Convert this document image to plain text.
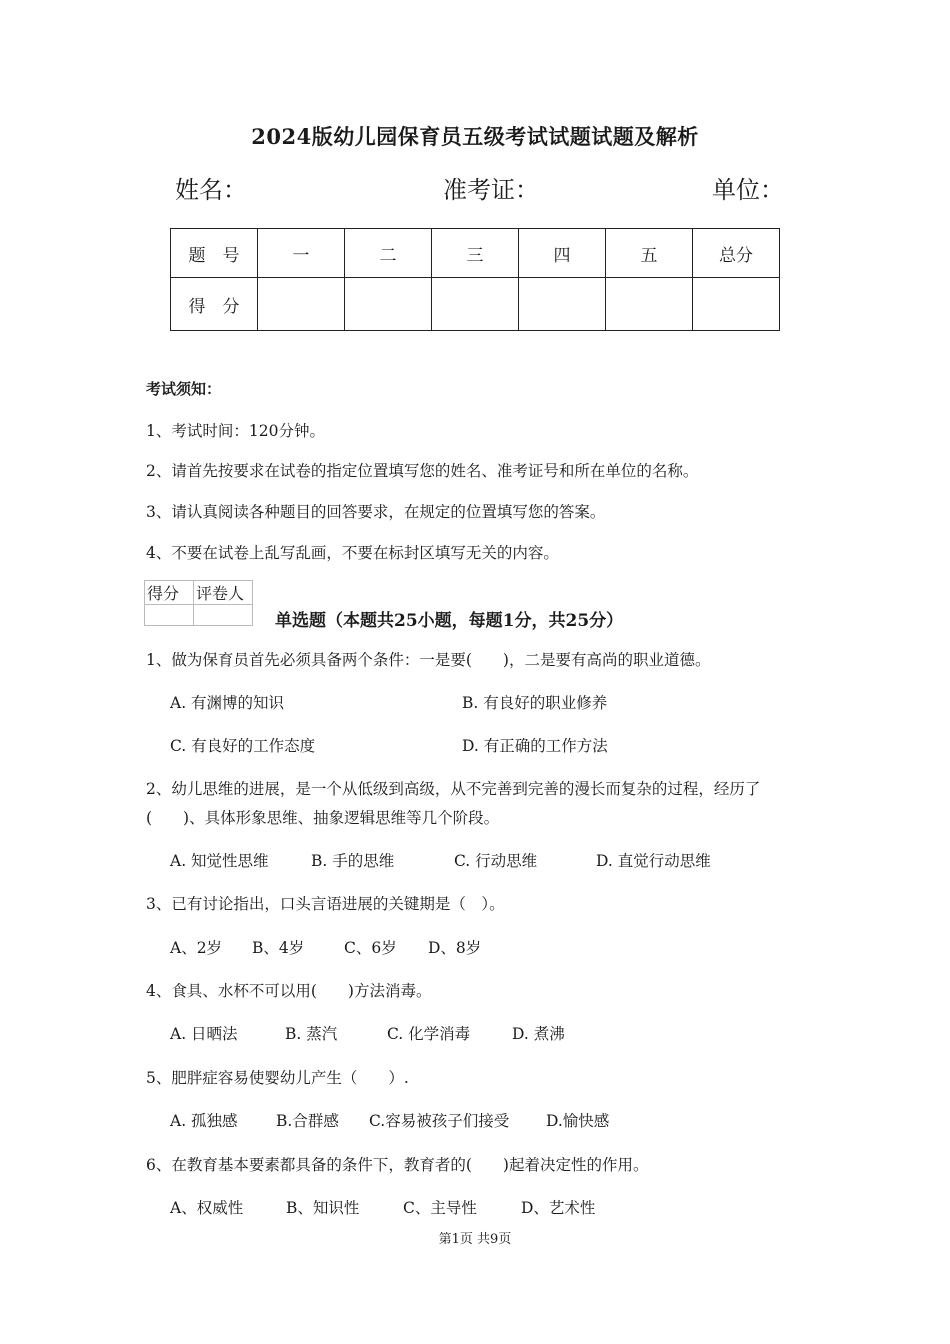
2024版幼儿园保育员五级考试试题试题及解析
姓名：	准考证：	单位：
题　号	一	二	三	四	五	总分
得　分						
考试须知：
1、考试时间：120分钟。
2、请首先按要求在试卷的指定位置填写您的姓名、准考证号和所在单位的名称。
3、请认真阅读各种题目的回答要求，在规定的位置填写您的答案。
4、不要在试卷上乱写乱画，不要在标封区填写无关的内容。
得分	评卷人

单选题（本题共25小题，每题1分，共25分）
1、做为保育员首先必须具备两个条件：一是要(　　)，二是要有高尚的职业道德。
A. 有渊博的知识	B. 有良好的职业修养
C. 有良好的工作态度	D. 有正确的工作方法
2、幼儿思维的进展，是一个从低级到高级，从不完善到完善的漫长而复杂的过程，经历了
(　　)、具体形象思维、抽象逻辑思维等几个阶段。
A. 知觉性思维	B. 手的思维	C. 行动思维	D. 直觉行动思维
3、已有讨论指出，口头言语进展的关键期是（　）。
A、2岁 B、4岁	C、6岁 D、8岁
4、食具、水杯不可以用(　　)方法消毒。
A. 日晒法	B. 蒸汽	C. 化学消毒	D. 煮沸
5、肥胖症容易使婴幼儿产生（　　）.
A. 孤独感 B.合群感 C.容易被孩子们接受 D.愉快感
6、在教育基本要素都具备的条件下，教育者的(　　)起着决定性的作用。
A、权威性	B、知识性	C、主导性	D、艺术性
第1页 共9页
